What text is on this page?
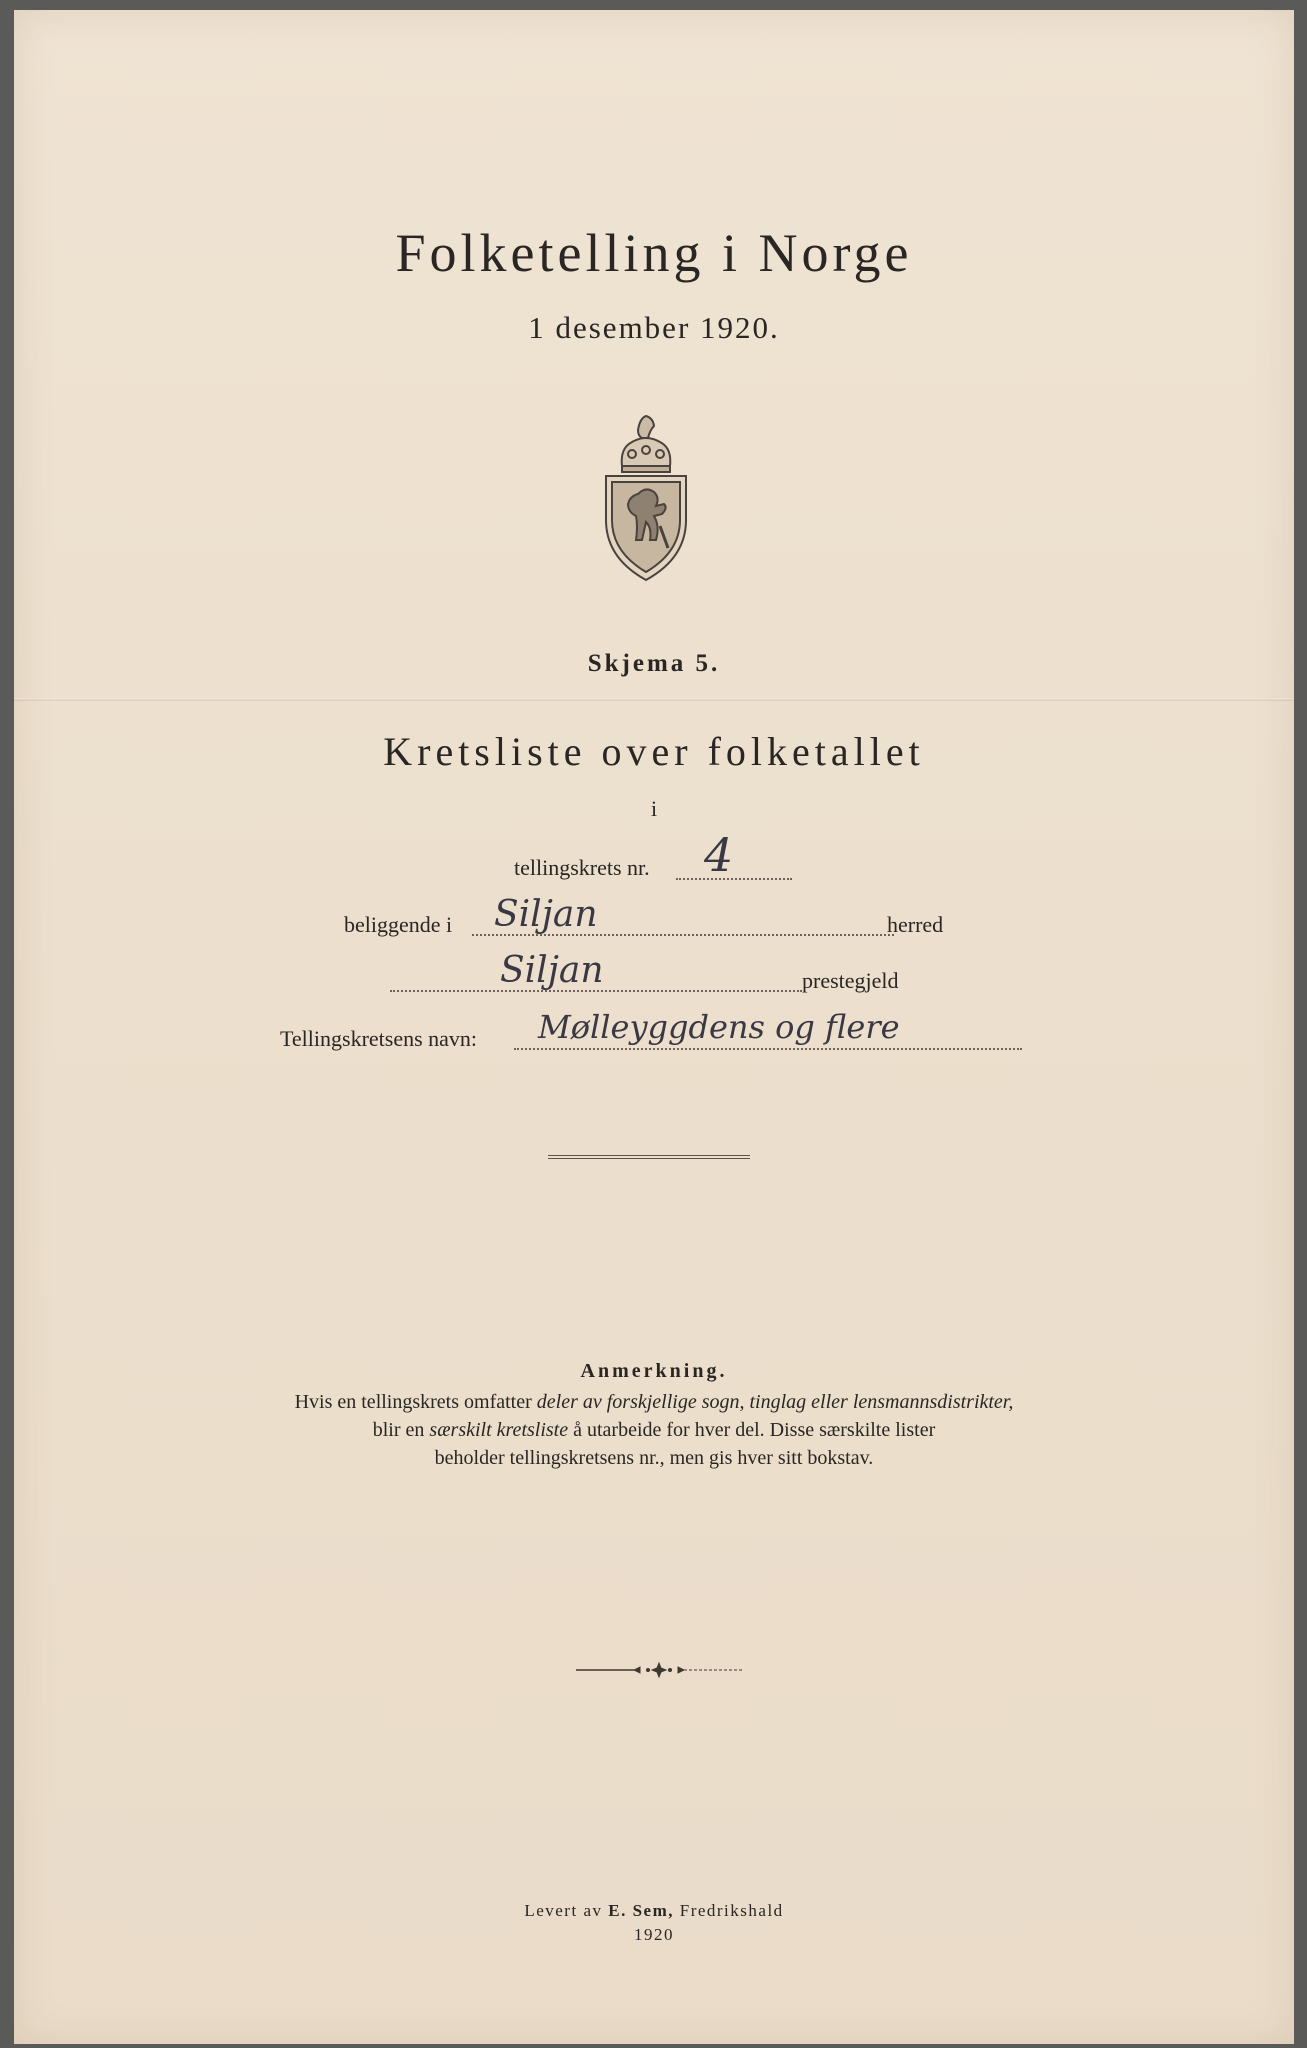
Folketelling i Norge
1 desember 1920.
Skjema 5.
Kretsliste over folketallet
i
tellingskrets nr. 4
beliggende i Siljan	herred
Siljan	prestegjeld
Tellingskretsens navn: Mølleyggdens og flere
Anmerkning.

Hvis en tellingskrets omfatter deler av forskjellige sogn, tinglag eller lensmannsdistrikter,

blir en særskilt kretsliste å utarbeide for hver del. Disse særskilte lister

beholder tellingskretsens nr., men gis hver sitt bokstav.

Levert av E. Sem, Fredrikshald

1920
